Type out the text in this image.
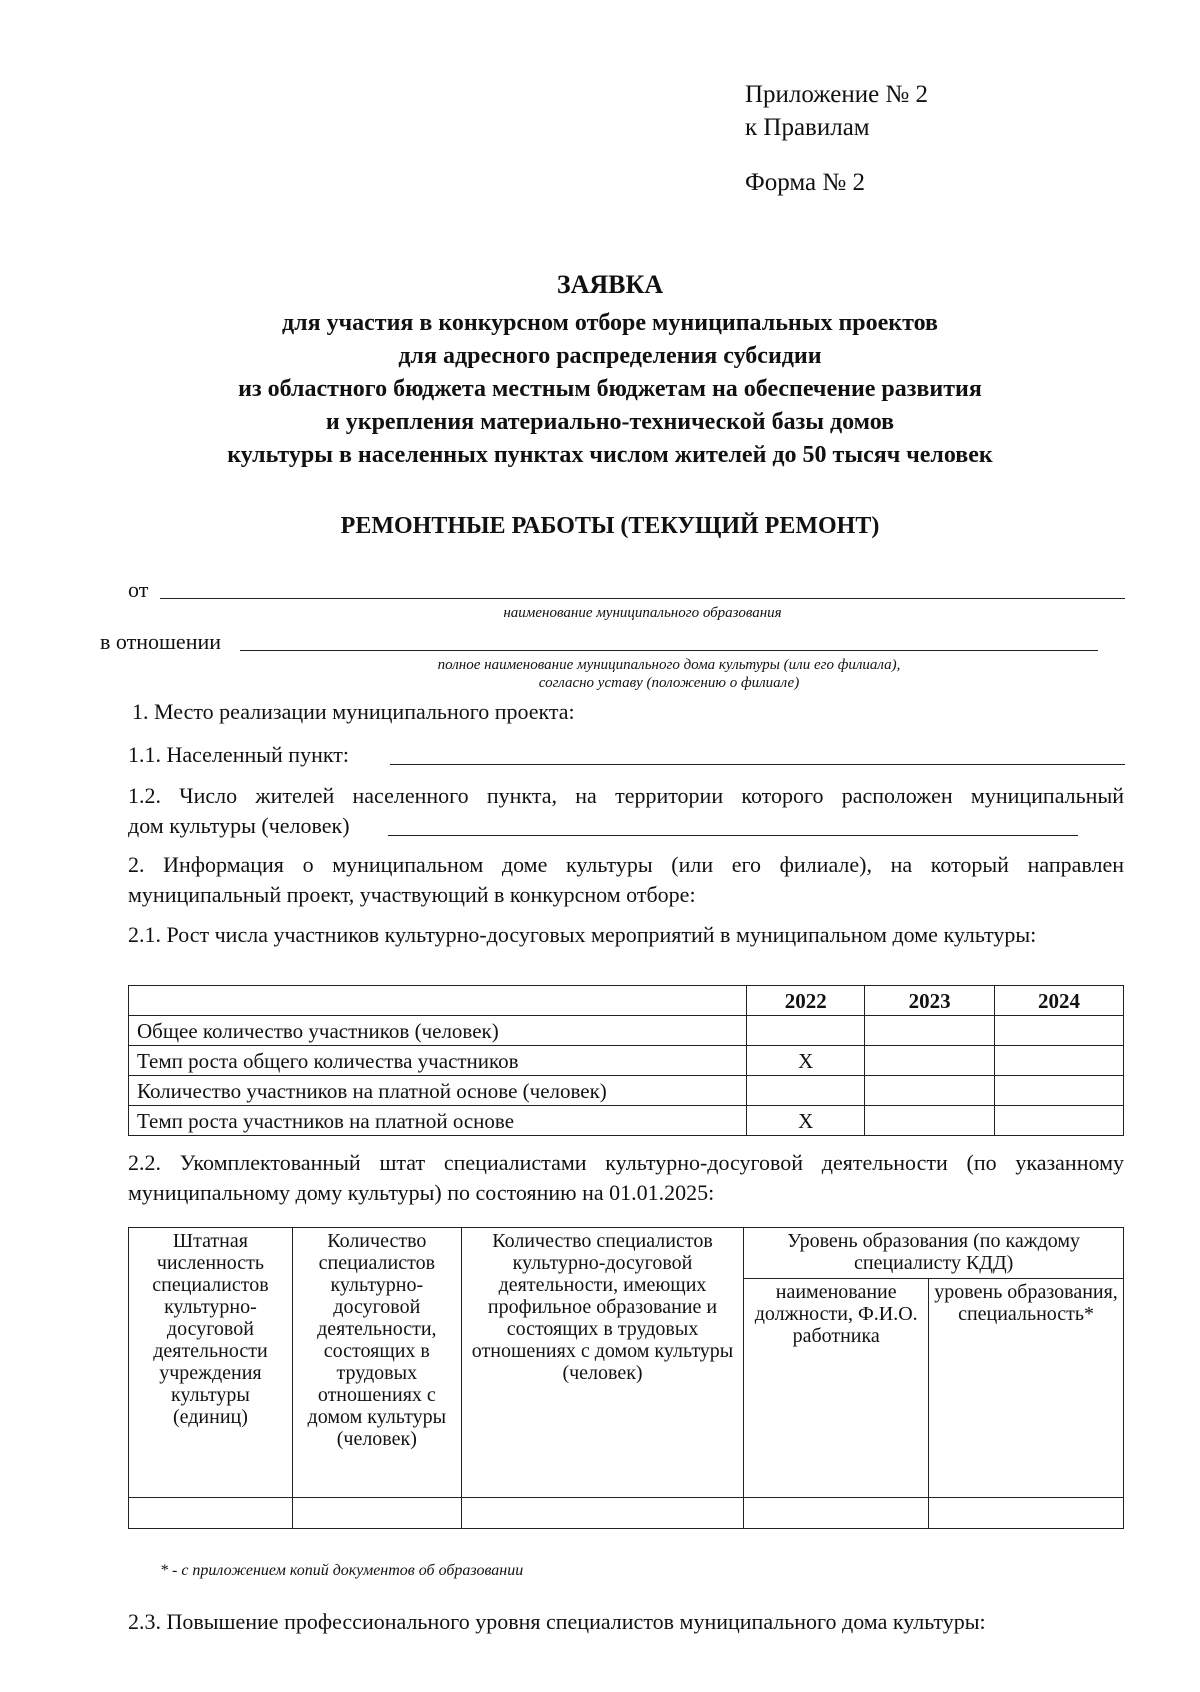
Приложение № 2
к Правилам
Форма № 2
ЗАЯВКА
для участия в конкурсном отборе муниципальных проектов
для адресного распределения субсидии
из областного бюджета местным бюджетам на обеспечение развития
и укрепления материально-технической базы домов
культуры в населенных пунктах числом жителей до 50 тысяч человек
РЕМОНТНЫЕ РАБОТЫ (ТЕКУЩИЙ РЕМОНТ)
от
наименование муниципального образования
в отношении
полное наименование муниципального дома культуры (или его филиала),
согласно уставу (положению о филиале)
1. Место реализации муниципального проекта:
1.1. Населенный пункт:
1.2. Число жителей населенного пункта, на территории которого расположен муниципальный
дом культуры (человек)
2. Информация о муниципальном доме культуры (или его филиале), на который направлен муниципальный проект, участвующий в конкурсном отборе:
2.1. Рост числа участников культурно-досуговых мероприятий в муниципальном доме культуры:
	2022	2023	2024
Общее количество участников (человек)			
Темп роста общего количества участников	X		
Количество участников на платной основе (человек)			
Темп роста участников на платной основе	X		
2.2. Укомплектованный штат специалистами культурно-досуговой деятельности (по указанному муниципальному дому культуры) по состоянию на 01.01.2025:
Штатная численность специалистов культурно-досуговой деятельности учреждения культуры (единиц)	Количество специалистов культурно-досуговой деятельности, состоящих в трудовых отношениях с домом культуры (человек)	Количество специалистов культурно-досуговой деятельности, имеющих профильное образование и состоящих в трудовых отношениях с домом культуры (человек)	Уровень образования (по каждому специалисту КДД)	
			наименование должности, Ф.И.О. работника	уровень образования, специальность*

* - с приложением копий документов об образовании
2.3. Повышение профессионального уровня специалистов муниципального дома культуры:
